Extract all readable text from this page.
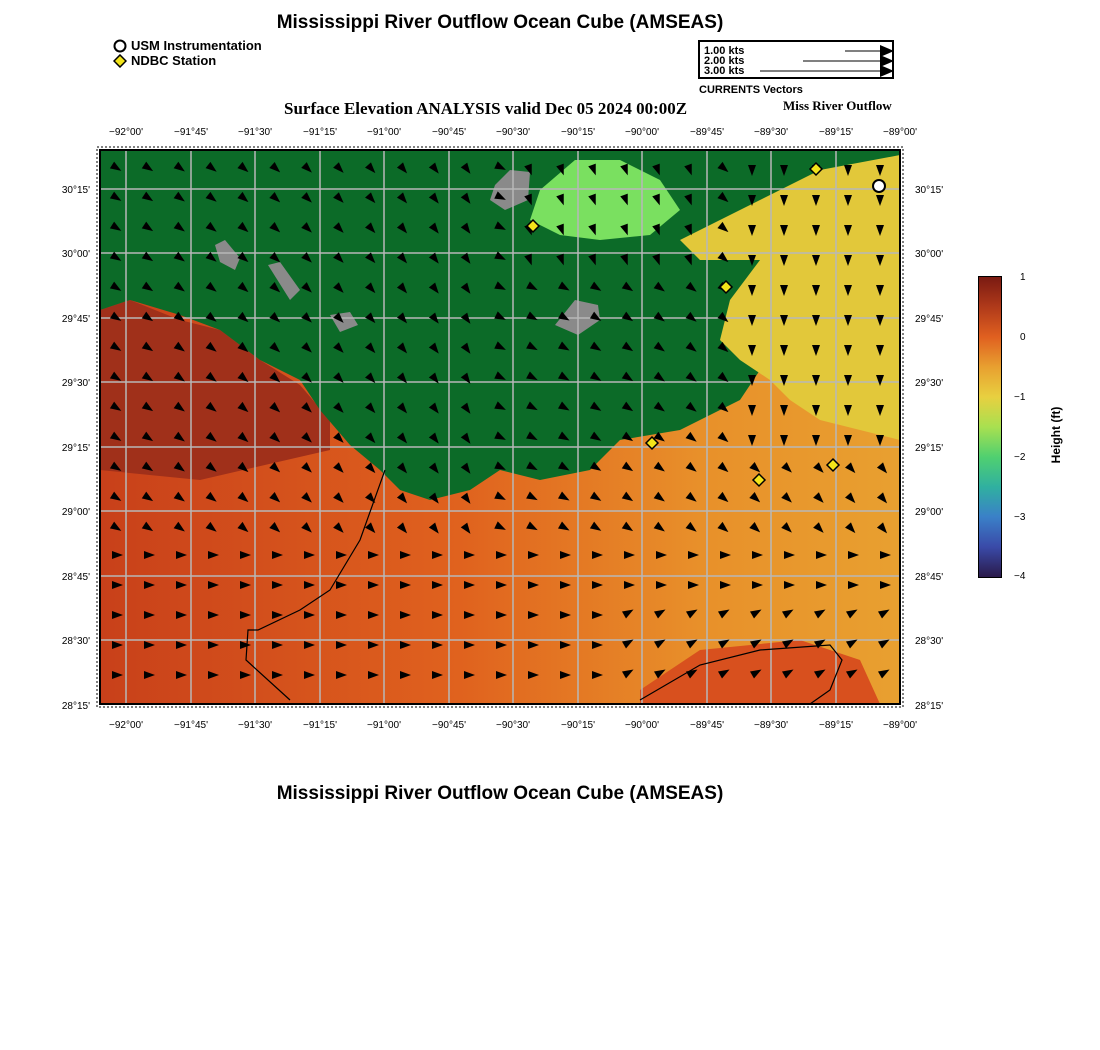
Mississippi River Outflow Ocean Cube (AMSEAS)
USM Instrumentation
NDBC Station
1.00 kts
2.00 kts
3.00 kts
CURRENTS Vectors
Surface Elevation ANALYSIS valid Dec 05 2024 00:00Z	Miss River Outflow
−92°00'	−91°45'	−91°30'	−91°15'	−91°00'	−90°45'	−90°30'	−90°15'	−90°00'	−89°45'	−89°30'	−89°15'	−89°00'
−92°00'	−91°45'	−91°30'	−91°15'	−91°00'	−90°45'	−90°30'	−90°15'	−90°00'	−89°45'	−89°30'	−89°15'	−89°00'
30°15'
30°00'
29°45'
29°30'
29°15'
29°00'
28°45'
28°30'
28°15'
30°15'
30°00'
29°45'
29°30'
29°15'
29°00'
28°45'
28°30'
28°15'
1
0
−1
−2
−3
−4
Height (ft)
Mississippi River Outflow Ocean Cube (AMSEAS)
